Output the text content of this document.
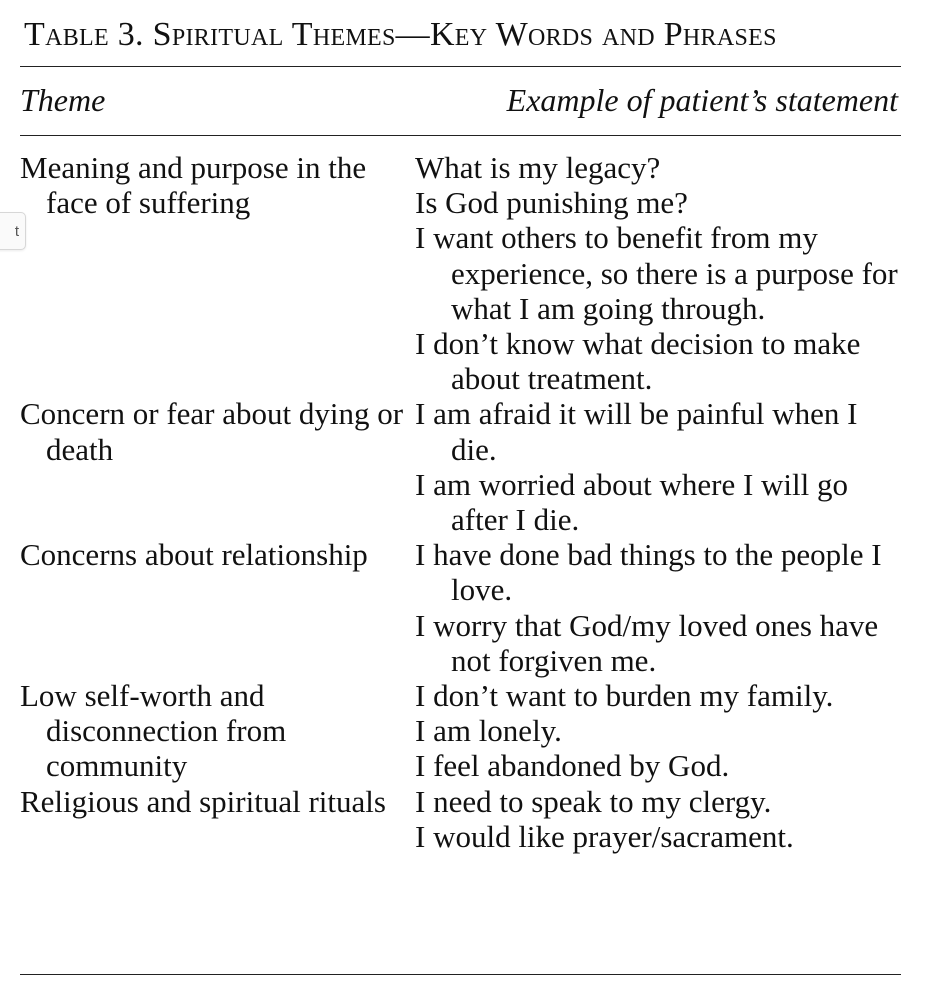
Table 3. Spiritual Themes—Key Words and Phrases
Theme	Example of patient’s statement
Meaning and purpose in the face of suffering
What is my legacy?
Is God punishing me?
I want others to benefit from my experience, so there is a purpose for what I am going through.
I don’t know what decision to make about treatment.
Concern or fear about dying or death
I am afraid it will be painful when I die.
I am worried about where I will go after I die.
Concerns about relationship	I have done bad things to the people I love.
I worry that God/my loved ones have not forgiven me.
Low self-worth and disconnection from community
I don’t want to burden my family.
I am lonely.
I feel abandoned by God.
Religious and spiritual rituals I need to speak to my clergy.
I would like prayer/sacrament.
t
